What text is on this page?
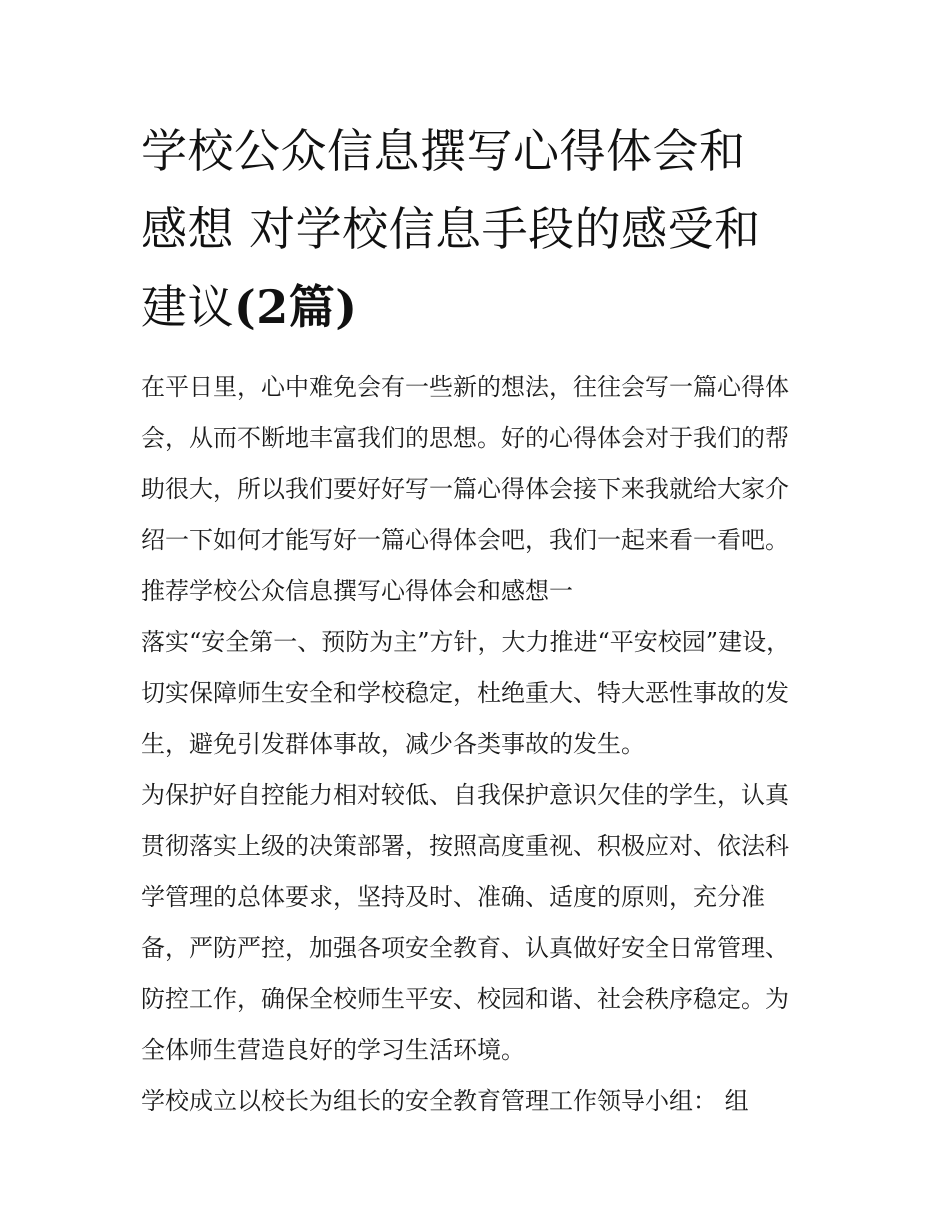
学校公众信息撰写心得体会和
感想 对学校信息手段的感受和
建议(2篇)

在平日里，心中难免会有一些新的想法，往往会写一篇心得体
会，从而不断地丰富我们的思想。好的心得体会对于我们的帮
助很大，所以我们要好好写一篇心得体会接下来我就给大家介
绍一下如何才能写好一篇心得体会吧，我们一起来看一看吧。

推荐学校公众信息撰写心得体会和感想一

落实“安全第一、预防为主”方针，大力推进“平安校园”建设，
切实保障师生安全和学校稳定，杜绝重大、特大恶性事故的发
生，避免引发群体事故，减少各类事故的发生。

为保护好自控能力相对较低、自我保护意识欠佳的学生，认真
贯彻落实上级的决策部署，按照高度重视、积极应对、依法科
学管理的总体要求，坚持及时、准确、适度的原则，充分准
备，严防严控，加强各项安全教育、认真做好安全日常管理、
防控工作，确保全校师生平安、校园和谐、社会秩序稳定。为
全体师生营造良好的学习生活环境。

学校成立以校长为组长的安全教育管理工作领导小组： 组
